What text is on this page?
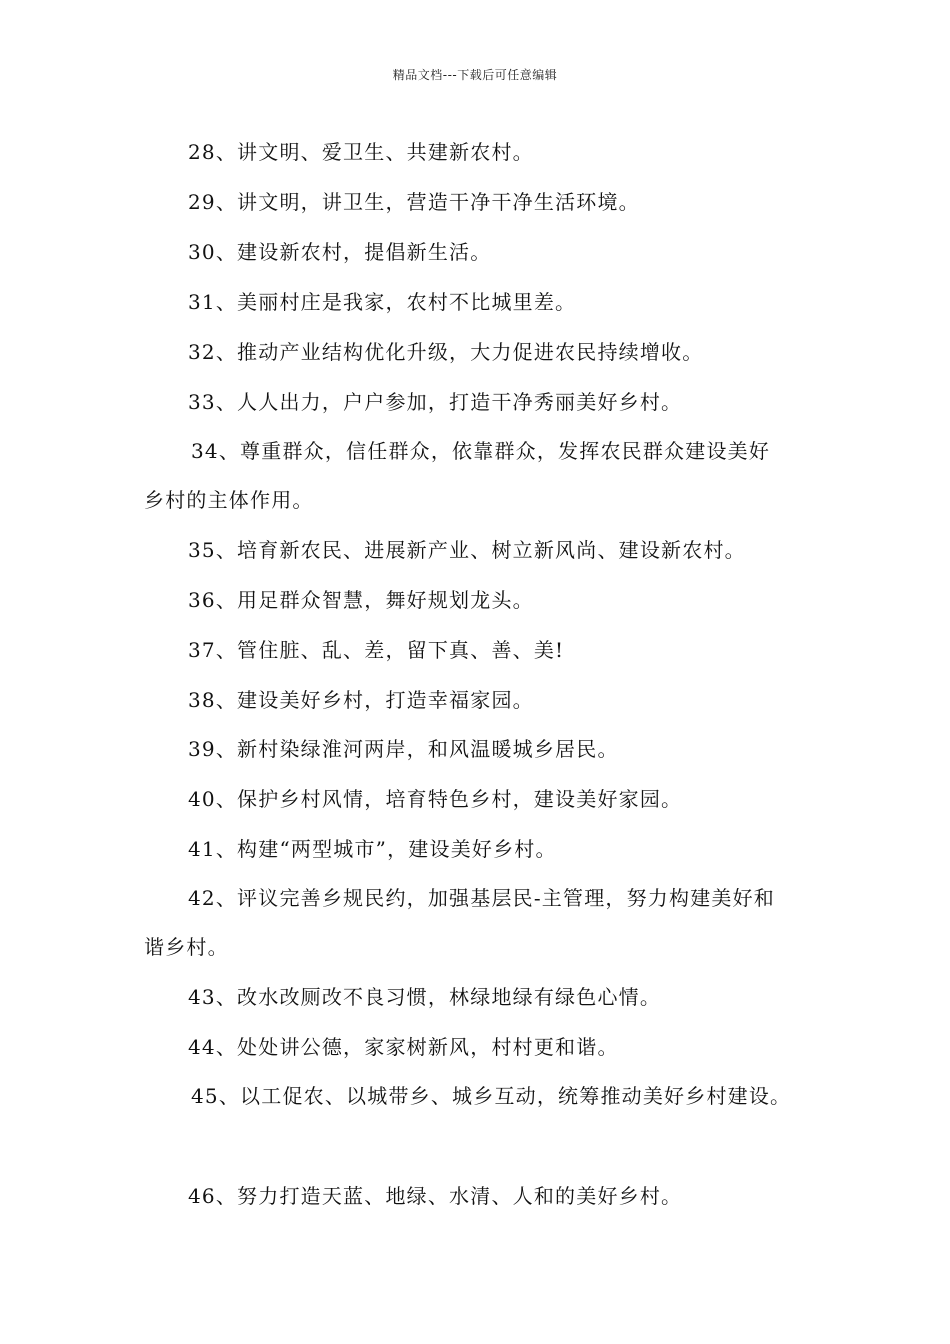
精品文档---下载后可任意编辑
28、讲文明、爱卫生、共建新农村。
29、讲文明，讲卫生，营造干净干净生活环境。
30、建设新农村，提倡新生活。
31、美丽村庄是我家，农村不比城里差。
32、推动产业结构优化升级，大力促进农民持续增收。
33、人人出力，户户参加，打造干净秀丽美好乡村。
34、尊重群众，信任群众，依靠群众，发挥农民群众建设美好
乡村的主体作用。
35、培育新农民、进展新产业、树立新风尚、建设新农村。
36、用足群众智慧，舞好规划龙头。
37、管住脏、乱、差，留下真、善、美!
38、建设美好乡村，打造幸福家园。
39、新村染绿淮河两岸，和风温暖城乡居民。
40、保护乡村风情，培育特色乡村，建设美好家园。
41、构建“两型城市”，建设美好乡村。
42、评议完善乡规民约，加强基层民-主管理，努力构建美好和
谐乡村。
43、改水改厕改不良习惯，林绿地绿有绿色心情。
44、处处讲公德，家家树新风，村村更和谐。
45、以工促农、以城带乡、城乡互动，统筹推动美好乡村建设。
46、努力打造天蓝、地绿、水清、人和的美好乡村。
